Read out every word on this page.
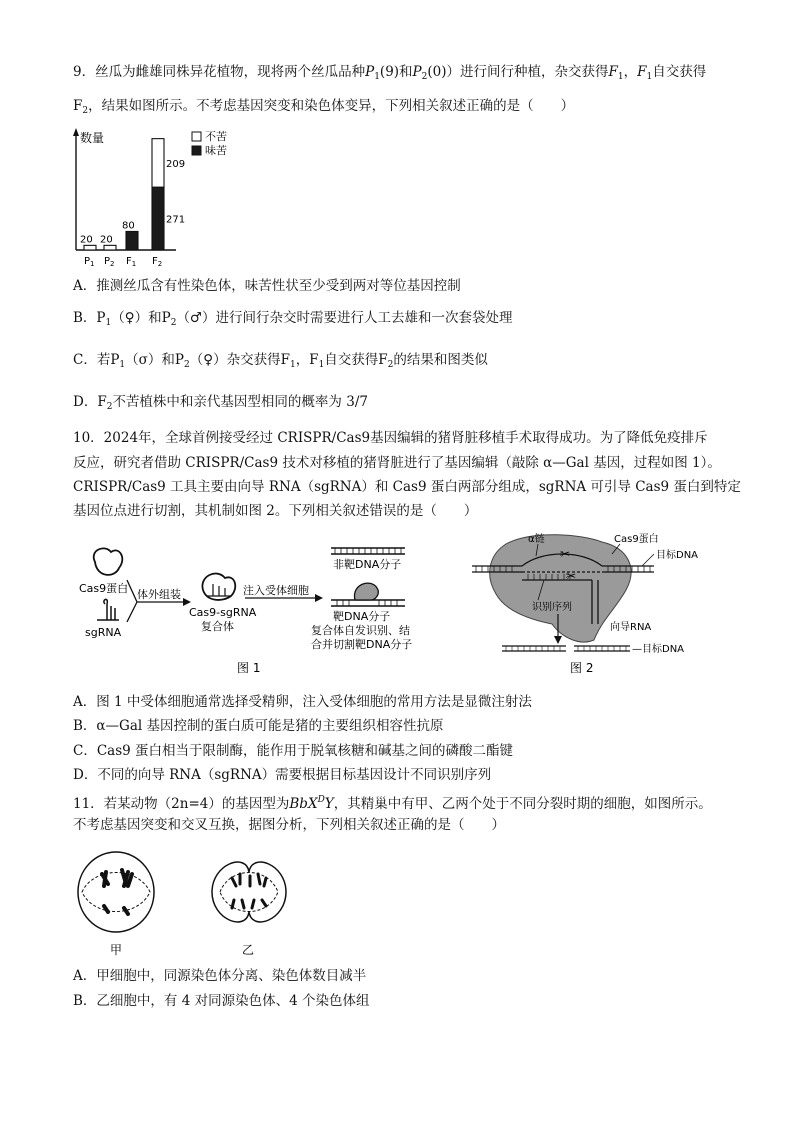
9．丝瓜为雌雄同株异花植物，现将两个丝瓜品种$P_1(9)$和$P_2(0)$）进行间行种植，杂交获得$F_1$，$F_1$自交获得
$F_2$，结果如图所示。不考虑基因突变和染色体变异，下列相关叙述正确的是（　　）
数量
$P_1$ $P_2$ $F_1$ $F_2$
20 20
80
209
271
不苦
味苦
A．推测丝瓜含有性染色体，味苦性状至少受到两对等位基因控制
B．$P_1(♀)$和$P_2(♂)$进行间行杂交时需要进行人工去雄和一次套袋处理
C．若$P_1(\sigma)$和$P_2(♀)$杂交获得$F_1$，$F_1$自交获得$F_2$的结果和图类似
D．$F_2$不苦植株中和亲代基因型相同的概率为 3/7
10．2024年，全球首例接受经过 CRISPR/Cas9基因编辑的猪肾脏移植手术取得成功。为了降低免疫排斥
反应，研究者借助 CRISPR/Cas9 技术对移植的猪肾脏进行了基因编辑（敲除 α—Gal 基因，过程如图 1）。
CRISPR/Cas9 工具主要由向导 RNA（sgRNA）和 Cas9 蛋白两部分组成，sgRNA 可引导 Cas9 蛋白到特定
基因位点进行切割，其机制如图 2。下列相关叙述错误的是（　　）
Cas9蛋白
sgRNA
体外组装
Cas9-sgRNA
复合体
注入受体细胞
非靶DNA分子
靶DNA分子
复合体自发识别、结
合并切割靶DNA分子
图 1
✂
✂
α链	Cas9蛋白
目标DNA
识别序列
向导RNA
—目标DNA
图 2
A．图 1 中受体细胞通常选择受精卵，注入受体细胞的常用方法是显微注射法
B．α—Gal 基因控制的蛋白质可能是猪的主要组织相容性抗原
C．Cas9 蛋白相当于限制酶，能作用于脱氧核糖和碱基之间的磷酸二酯键
D．不同的向导 RNA（sgRNA）需要根据目标基因设计不同识别序列
11．若某动物（2n=4）的基因型为BbX$^D$Y，其精巢中有甲、乙两个处于不同分裂时期的细胞，如图所示。
不考虑基因突变和交叉互换，据图分析，下列相关叙述正确的是（　　）
甲	乙
A．甲细胞中，同源染色体分离、染色体数目减半
B．乙细胞中，有 4 对同源染色体、4 个染色体组
